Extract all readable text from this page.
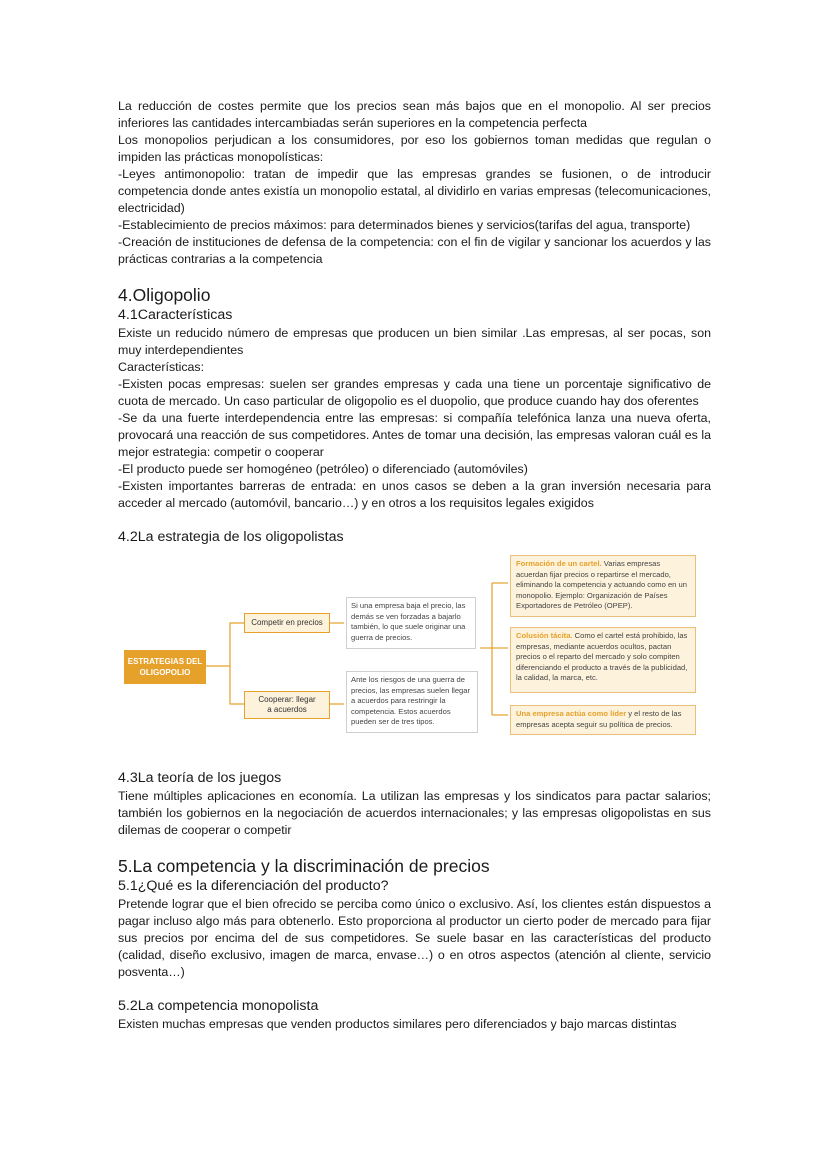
La reducción de costes permite que los precios sean más bajos que en el monopolio. Al ser precios inferiores las cantidades intercambiadas serán superiores en la competencia perfecta

Los monopolios perjudican a los consumidores, por eso los gobiernos toman medidas que regulan o impiden las prácticas monopolísticas:

-Leyes antimonopolio: tratan de impedir que las empresas grandes se fusionen, o de introducir competencia donde antes existía un monopolio estatal, al dividirlo en varias empresas (telecomunicaciones, electricidad)

-Establecimiento de precios máximos: para determinados bienes y servicios(tarifas del agua, transporte)

-Creación de instituciones de defensa de la competencia: con el fin de vigilar y sancionar los acuerdos y las prácticas contrarias a la competencia

4.Oligopolio
4.1Características

Existe un reducido número de empresas que producen un bien similar .Las empresas, al ser pocas, son muy interdependientes

Características:

-Existen pocas empresas: suelen ser grandes empresas y cada una tiene un porcentaje significativo de cuota de mercado. Un caso particular de oligopolio es el duopolio, que produce cuando hay dos oferentes

-Se da una fuerte interdependencia entre las empresas: si compañía telefónica lanza una nueva oferta, provocará una reacción de sus competidores. Antes de tomar una decisión, las empresas valoran cuál es la mejor estrategia: competir o cooperar

-El producto puede ser homogéneo (petróleo) o diferenciado (automóviles)

-Existen importantes barreras de entrada: en unos casos se deben a la gran inversión necesaria para acceder al mercado (automóvil, bancario…) y en otros a los requisitos legales exigidos

4.2La estrategia de los oligopolistas
ESTRATEGIAS DEL OLIGOPOLIO
Competir en precios
Cooperar: llegar a acuerdos
Si una empresa baja el precio, las demás se ven forzadas a bajarlo también, lo que suele originar una guerra de precios.
Ante los riesgos de una guerra de precios, las empresas suelen llegar a acuerdos para restringir la competencia. Estos acuerdos pueden ser de tres tipos.
Formación de un cartel. Varias empresas acuerdan fijar precios o repartirse el mercado, eliminando la competencia y actuando como en un monopolio. Ejemplo: Organización de Países Exportadores de Petróleo (OPEP).
Colusión tácita. Como el cartel está prohibido, las empresas, mediante acuerdos ocultos, pactan precios o el reparto del mercado y solo compiten diferenciando el producto a través de la publicidad, la calidad, la marca, etc.
Una empresa actúa como líder y el resto de las empresas acepta seguir su política de precios.
4.3La teoría de los juegos

Tiene múltiples aplicaciones en economía. La utilizan las empresas y los sindicatos para pactar salarios; también los gobiernos en la negociación de acuerdos internacionales; y las empresas oligopolistas en sus dilemas de cooperar o competir

5.La competencia y la discriminación de precios
5.1¿Qué es la diferenciación del producto?

Pretende lograr que el bien ofrecido se perciba como único o exclusivo. Así, los clientes están dispuestos a pagar incluso algo más para obtenerlo. Esto proporciona al productor un cierto poder de mercado para fijar sus precios por encima del de sus competidores. Se suele basar en las características del producto (calidad, diseño exclusivo, imagen de marca, envase…) o en otros aspectos (atención al cliente, servicio posventa…)

5.2La competencia monopolista

Existen muchas empresas que venden productos similares pero diferenciados y bajo marcas distintas
